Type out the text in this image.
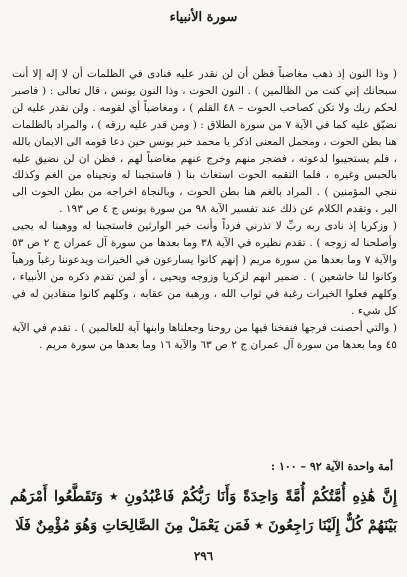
سورة الأنبياء

( وذا النون إذ ذهب مغاضباً فظن أن لن نقدر عليه فنادى في الظلمات أن لا إله إلا أنت سبحانك إني كنت من الظالمين ) . النون الحوت ، وذا النون يونس ، قال تعالى : ( فاصبر لحكم ربك ولا تكن كصاحب الحوت – ٤٨ القلم ) ، ومغاضباً أي لقومه . ولن نقدر عليه لن نضيّق عليه كما في الآية ٧ من سورة الطلاق : ( ومن قدر عليه رزقه ) ، والمراد بالظلمات هنا بطن الحوت ، ومجمل المعنى اذكر يا محمد خبر يونس حين دعا قومه الى الايمان بالله ، فلم يستجيبوا لدعوته ، فضجر منهم وخرج عنهم مغاضباً لهم ، فظن ان لن نضيق عليه بالحبس وغيره ، فلما التقمه الحوت استغاث بنا ( فاستجبنا له ونجيناه من الغم وكذلك ننجي المؤمنين ) . المراد بالغم هنا بطن الحوت ، وبالنجاة اخراجه من بطن الحوت الى البر ، وتقدم الكلام عن ذلك عند تفسير الآية ٩٨ من سورة يونس ج ٤ ص ١٩٣ .

( وزكريا إذ نادى ربه ربِّ لا تذرني فرداً وأنت خير الوارثين فاستجبنا له ووهبنا له يحيى وأصلحنا له زوجه ) . تقدم نظيره في الآية ٣٨ وما بعدها من سورة آل عمران ج ٢ ص ٥٣ والآية ٧ وما بعدها من سورة مريم ( إنهم كانوا يسارعون في الخيرات ويدعوننا رغباً ورهباً وكانوا لنا خاشعين ) . ضمير انهم لزكريا وزوجه ويحيى ، أو لمن تقدم ذكره من الأنبياء ، وكلهم فعلوا الخيرات رغبة في ثواب الله ، ورهبة من عقابه ، وكلهم كانوا منقادين له في كل شيء .

( والتي أحصنت فرجها فنفخنا فيها من روحنا وجعلناها وابنها آية للعالمين ) . تقدم في الآية ٤٥ وما بعدها من سورة آل عمران ج ٢ ص ٦٣ والآية ١٦ وما بعدها من سورة مريم .

أمة واحدة الآية ٩٢ – ١٠٠ :
إِنَّ هَٰذِهِ أُمَّتُكُمْ أُمَّةً وَاحِدَةً وَأَنَا رَبُّكُمْ فَاعْبُدُونِ ٭ وَتَقَطَّعُوا أَمْرَهُم بَيْنَهُمْ كُلٌّ إِلَيْنَا رَاجِعُونَ ٭ فَمَن يَعْمَلْ مِنَ الصَّالِحَاتِ وَهُوَ مُؤْمِنٌ فَلَا
٢٩٦
